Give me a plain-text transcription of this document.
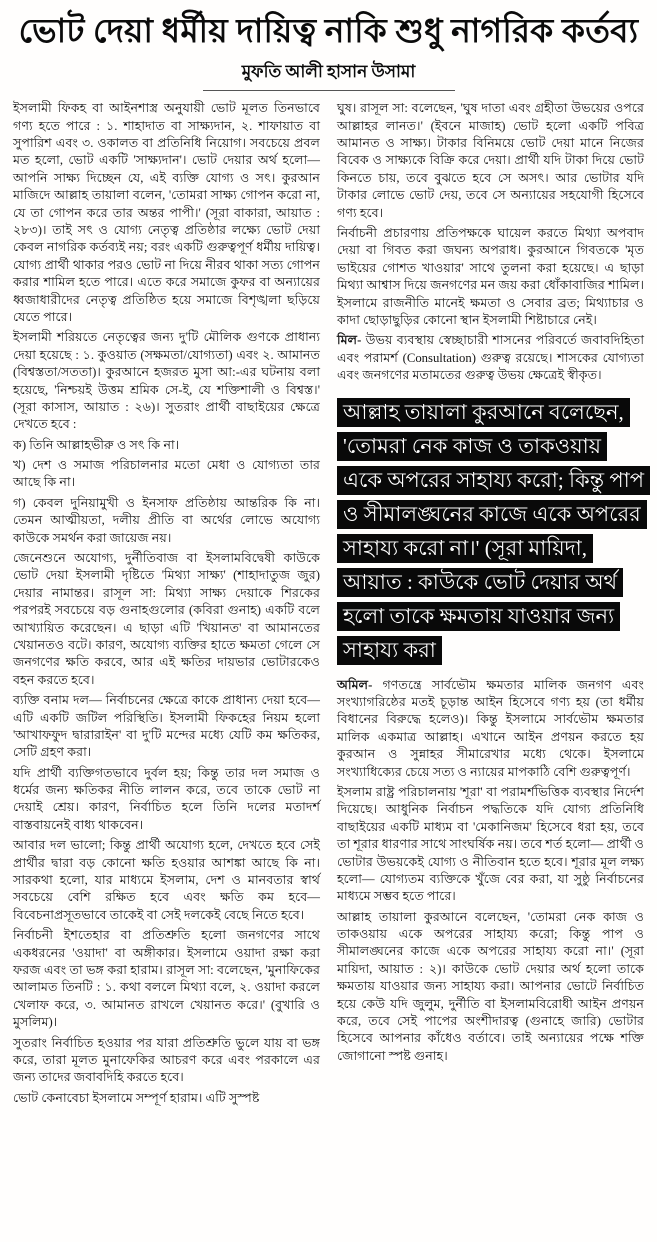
ভোট দেয়া ধর্মীয় দায়িত্ব নাকি শুধু নাগরিক কর্তব্য
মুফতি আলী হাসান উসামা

ইসলামী ফিকহ বা আইনশাস্ত্র অনুযায়ী ভোট মূলত তিনভাবে গণ্য হতে পারে : ১. শাহাদাত বা সাক্ষ্যদান, ২. শাফায়াত বা সুপারিশ এবং ৩. ওকালত বা প্রতিনিধি নিয়োগ। সবচেয়ে প্রবল মত হলো, ভোট একটি 'সাক্ষ্যদান'। ভোট দেয়ার অর্থ হলো— আপনি সাক্ষ্য দিচ্ছেন যে, এই ব্যক্তি যোগ্য ও সৎ। কুরআন মাজিদে আল্লাহ তায়ালা বলেন, 'তোমরা সাক্ষ্য গোপন করো না, যে তা গোপন করে তার অন্তর পাপী।' (সূরা বাকারা, আয়াত : ২৮৩)। তাই সৎ ও যোগ্য নেতৃত্ব প্রতিষ্ঠার লক্ষ্যে ভোট দেয়া কেবল নাগরিক কর্তব্যই নয়; বরং একটি গুরুত্বপূর্ণ ধর্মীয় দায়িত্ব। যোগ্য প্রার্থী থাকার পরও ভোট না দিয়ে নীরব থাকা সত্য গোপন করার শামিল হতে পারে। এতে করে সমাজে কুফর বা অন্যায়ের ধ্বজাধারীদের নেতৃত্ব প্রতিষ্ঠিত হয়ে সমাজে বিশৃঙ্খলা ছড়িয়ে যেতে পারে।

ইসলামী শরিয়তে নেতৃত্বের জন্য দু'টি মৌলিক গুণকে প্রাধান্য দেয়া হয়েছে : ১. কুওয়াত (সক্ষমতা/যোগ্যতা) এবং ২. আমানত (বিশ্বস্ততা/সততা)। কুরআনে হজরত মুসা আ:-এর ঘটনায় বলা হয়েছে, 'নিশ্চয়ই উত্তম শ্রমিক সে-ই, যে শক্তিশালী ও বিশ্বস্ত।' (সূরা কাসাস, আয়াত : ২৬)। সুতরাং প্রার্থী বাছাইয়ের ক্ষেত্রে দেখতে হবে :

ক) তিনি আল্লাহভীরু ও সৎ কি না।

খ) দেশ ও সমাজ পরিচালনার মতো মেধা ও যোগ্যতা তার আছে কি না।

গ) কেবল দুনিয়ামুখী ও ইনসাফ প্রতিষ্ঠায় আন্তরিক কি না। তেমন আত্মীয়তা, দলীয় প্রীতি বা অর্থের লোভে অযোগ্য কাউকে সমর্থন করা জায়েজ নয়।

জেনেশুনে অযোগ্য, দুর্নীতিবাজ বা ইসলামবিদ্বেষী কাউকে ভোট দেয়া ইসলামী দৃষ্টিতে 'মিথ্যা সাক্ষ্য' (শাহাদাতুজ জুর) দেয়ার নামান্তর। রাসূল সা: মিথ্যা সাক্ষ্য দেয়াকে শিরকের পরপরই সবচেয়ে বড় গুনাহগুলোর (কবিরা গুনাহ) একটি বলে আখ্যায়িত করেছেন। এ ছাড়া এটি 'খিয়ানত' বা আমানতের খেয়ানতও বটে। কারণ, অযোগ্য ব্যক্তির হাতে ক্ষমতা গেলে সে জনগণের ক্ষতি করবে, আর এই ক্ষতির দায়ভার ভোটারকেও বহন করতে হবে।

ব্যক্তি বনাম দল— নির্বাচনের ক্ষেত্রে কাকে প্রাধান্য দেয়া হবে— এটি একটি জটিল পরিস্থিতি। ইসলামী ফিকহের নিয়ম হলো 'আখাফফুদ দ্বারারাইন' বা দু'টি মন্দের মধ্যে যেটি কম ক্ষতিকর, সেটি গ্রহণ করা।

যদি প্রার্থী ব্যক্তিগতভাবে দুর্বল হয়; কিন্তু তার দল সমাজ ও ধর্মের জন্য ক্ষতিকর নীতি লালন করে, তবে তাকে ভোট না দেয়াই শ্রেয়। কারণ, নির্বাচিত হলে তিনি দলের মতাদর্শ বাস্তবায়নেই বাধ্য থাকবেন।

আবার দল ভালো; কিন্তু প্রার্থী অযোগ্য হলে, দেখতে হবে সেই প্রার্থীর দ্বারা বড় কোনো ক্ষতি হওয়ার আশঙ্কা আছে কি না। সারকথা হলো, যার মাধ্যমে ইসলাম, দেশ ও মানবতার স্বার্থ সবচেয়ে বেশি রক্ষিত হবে এবং ক্ষতি কম হবে— বিবেচনাপ্রসূতভাবে তাকেই বা সেই দলকেই বেছে নিতে হবে।

নির্বাচনী ইশতেহার বা প্রতিশ্রুতি হলো জনগণের সাথে একধরনের 'ওয়াদা' বা অঙ্গীকার। ইসলামে ওয়াদা রক্ষা করা ফরজ এবং তা ভঙ্গ করা হারাম। রাসূল সা: বলেছেন, 'মুনাফিকের আলামত তিনটি : ১. কথা বললে মিথ্যা বলে, ২. ওয়াদা করলে খেলাফ করে, ৩. আমানত রাখলে খেয়ানত করে।' (বুখারি ও মুসলিম)।

সুতরাং নির্বাচিত হওয়ার পর যারা প্রতিশ্রুতি ভুলে যায় বা ভঙ্গ করে, তারা মূলত মুনাফেকির আচরণ করে এবং পরকালে এর জন্য তাদের জবাবদিহি করতে হবে।

ভোট কেনাবেচা ইসলামে সম্পূর্ণ হারাম। এটি সুস্পষ্ট

ঘুষ। রাসূল সা: বলেছেন, 'ঘুষ দাতা এবং গ্রহীতা উভয়ের ওপরে আল্লাহর লানত।' (ইবনে মাজাহ) ভোট হলো একটি পবিত্র আমানত ও সাক্ষ্য। টাকার বিনিময়ে ভোট দেয়া মানে নিজের বিবেক ও সাক্ষ্যকে বিক্রি করে দেয়া। প্রার্থী যদি টাকা দিয়ে ভোট কিনতে চায়, তবে বুঝতে হবে সে অসৎ। আর ভোটার যদি টাকার লোভে ভোট দেয়, তবে সে অন্যায়ের সহযোগী হিসেবে গণ্য হবে।

নির্বাচনী প্রচারণায় প্রতিপক্ষকে ঘায়েল করতে মিথ্যা অপবাদ দেয়া বা গিবত করা জঘন্য অপরাধ। কুরআনে গিবতকে 'মৃত ভাইয়ের গোশত খাওয়ার' সাথে তুলনা করা হয়েছে। এ ছাড়া মিথ্যা আশ্বাস দিয়ে জনগণের মন জয় করা ধোঁকাবাজির শামিল। ইসলামে রাজনীতি মানেই ক্ষমতা ও সেবার ব্রত; মিথ্যাচার ও কাদা ছোড়াছুড়ির কোনো স্থান ইসলামী শিষ্টাচারে নেই।

মিল- উভয় ব্যবস্থায় স্বেচ্ছাচারী শাসনের পরিবর্তে জবাবদিহিতা এবং পরামর্শ (Consultation) গুরুত্ব রয়েছে। শাসকের যোগ্যতা এবং জনগণের মতামতের গুরুত্ব উভয় ক্ষেত্রেই স্বীকৃত।

আল্লাহ তায়ালা কুরআনে বলেছেন, 'তোমরা নেক কাজ ও তাকওয়ায় একে অপরের সাহায্য করো; কিন্তু পাপ ও সীমালঙ্ঘনের কাজে একে অপরের সাহায্য করো না।' (সূরা মায়িদা, আয়াত : কাউকে ভোট দেয়ার অর্থ হলো তাকে ক্ষমতায় যাওয়ার জন্য সাহায্য করা

অমিল- গণতন্ত্রে সার্বভৌম ক্ষমতার মালিক জনগণ এবং সংখ্যাগরিষ্ঠের মতই চূড়ান্ত আইন হিসেবে গণ্য হয় (তা ধর্মীয় বিধানের বিরুদ্ধে হলেও)। কিন্তু ইসলামে সার্বভৌম ক্ষমতার মালিক একমাত্র আল্লাহ। এখানে আইন প্রণয়ন করতে হয় কুরআন ও সুন্নাহর সীমারেখার মধ্যে থেকে। ইসলামে সংখ্যাধিক্যের চেয়ে সত্য ও ন্যায়ের মাপকাঠি বেশি গুরুত্বপূর্ণ।

ইসলাম রাষ্ট্র পরিচালনায় 'শূরা' বা পরামর্শভিত্তিক ব্যবস্থার নির্দেশ দিয়েছে। আধুনিক নির্বাচন পদ্ধতিকে যদি যোগ্য প্রতিনিধি বাছাইয়ের একটি মাধ্যম বা 'মেকানিজম' হিসেবে ধরা হয়, তবে তা শূরার ধারণার সাথে সাংঘর্ষিক নয়। তবে শর্ত হলো— প্রার্থী ও ভোটার উভয়কেই যোগ্য ও নীতিবান হতে হবে। শূরার মূল লক্ষ্য হলো— যোগ্যতম ব্যক্তিকে খুঁজে বের করা, যা সুষ্ঠু নির্বাচনের মাধ্যমে সম্ভব হতে পারে।

আল্লাহ তায়ালা কুরআনে বলেছেন, 'তোমরা নেক কাজ ও তাকওয়ায় একে অপরের সাহায্য করো; কিন্তু পাপ ও সীমালঙ্ঘনের কাজে একে অপরের সাহায্য করো না।' (সূরা মায়িদা, আয়াত : ২)। কাউকে ভোট দেয়ার অর্থ হলো তাকে ক্ষমতায় যাওয়ার জন্য সাহায্য করা। আপনার ভোটে নির্বাচিত হয়ে কেউ যদি জুলুম, দুর্নীতি বা ইসলামবিরোধী আইন প্রণয়ন করে, তবে সেই পাপের অংশীদারত্ব (গুনাহে জারি) ভোটার হিসেবে আপনার কাঁধেও বর্তাবে। তাই অন্যায়ের পক্ষে শক্তি জোগানো স্পষ্ট গুনাহ।
